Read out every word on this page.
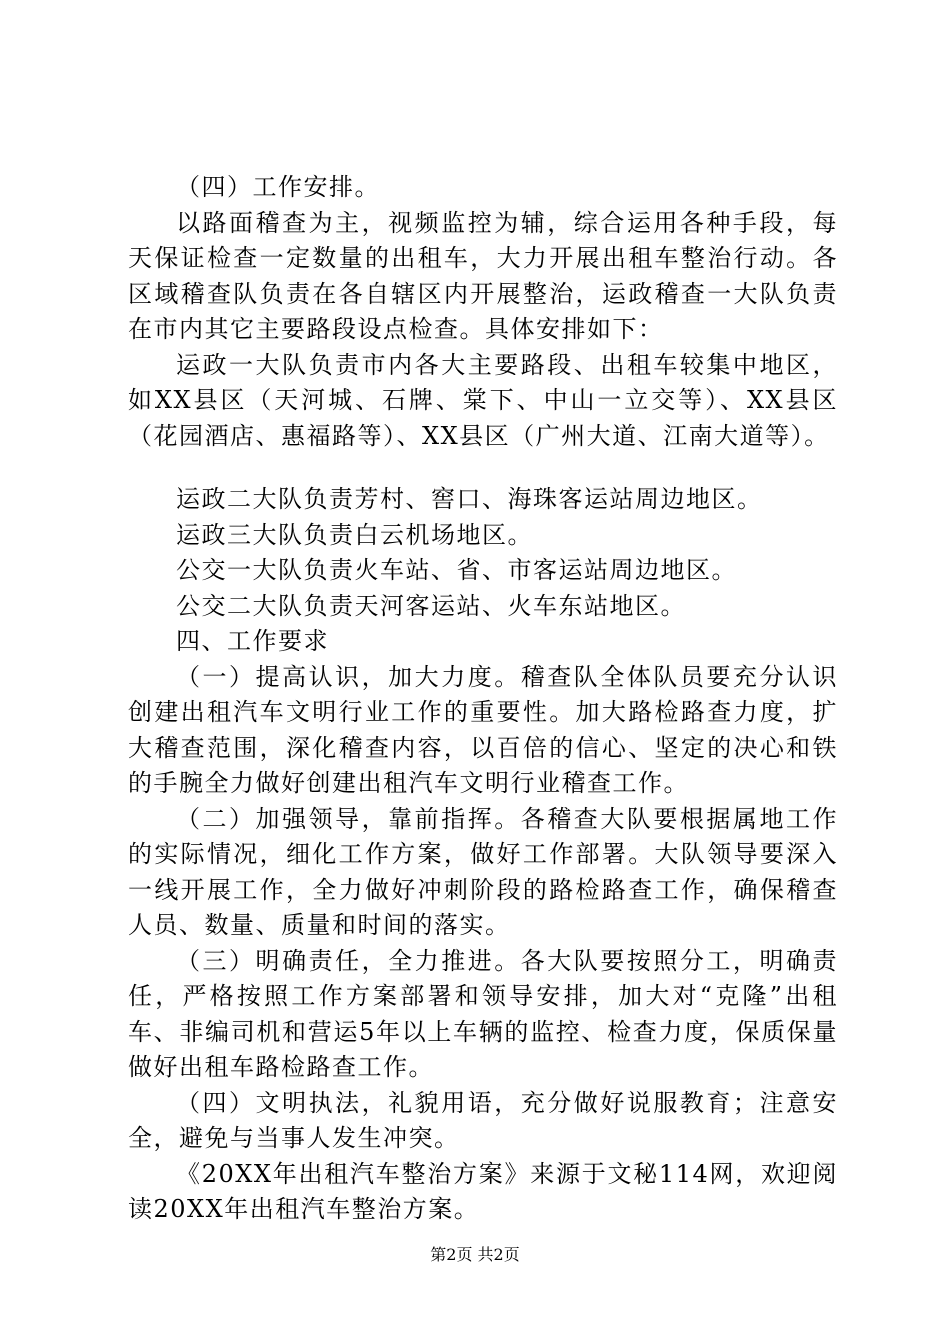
（四）工作安排。

以路面稽查为主，视频监控为辅，综合运用各种手段，每天保证检查一定数量的出租车，大力开展出租车整治行动。各区域稽查队负责在各自辖区内开展整治，运政稽查一大队负责在市内其它主要路段设点检查。具体安排如下：

运政一大队负责市内各大主要路段、出租车较集中地区，如XX县区（天河城、石牌、棠下、中山一立交等）、XX县区（花园酒店、惠福路等）、XX县区（广州大道、江南大道等）。

运政二大队负责芳村、窖口、海珠客运站周边地区。

运政三大队负责白云机场地区。

公交一大队负责火车站、省、市客运站周边地区。

公交二大队负责天河客运站、火车东站地区。

四、工作要求

（一）提高认识，加大力度。稽查队全体队员要充分认识创建出租汽车文明行业工作的重要性。加大路检路查力度，扩大稽查范围，深化稽查内容，以百倍的信心、坚定的决心和铁的手腕全力做好创建出租汽车文明行业稽查工作。

（二）加强领导，靠前指挥。各稽查大队要根据属地工作的实际情况，细化工作方案，做好工作部署。大队领导要深入一线开展工作，全力做好冲刺阶段的路检路查工作，确保稽查人员、数量、质量和时间的落实。

（三）明确责任，全力推进。各大队要按照分工，明确责任，严格按照工作方案部署和领导安排，加大对“克隆”出租车、非编司机和营运5年以上车辆的监控、检查力度，保质保量做好出租车路检路查工作。

（四）文明执法，礼貌用语，充分做好说服教育；注意安全，避免与当事人发生冲突。

《20XX年出租汽车整治方案》来源于文秘114网，欢迎阅读20XX年出租汽车整治方案。

第2页 共2页
